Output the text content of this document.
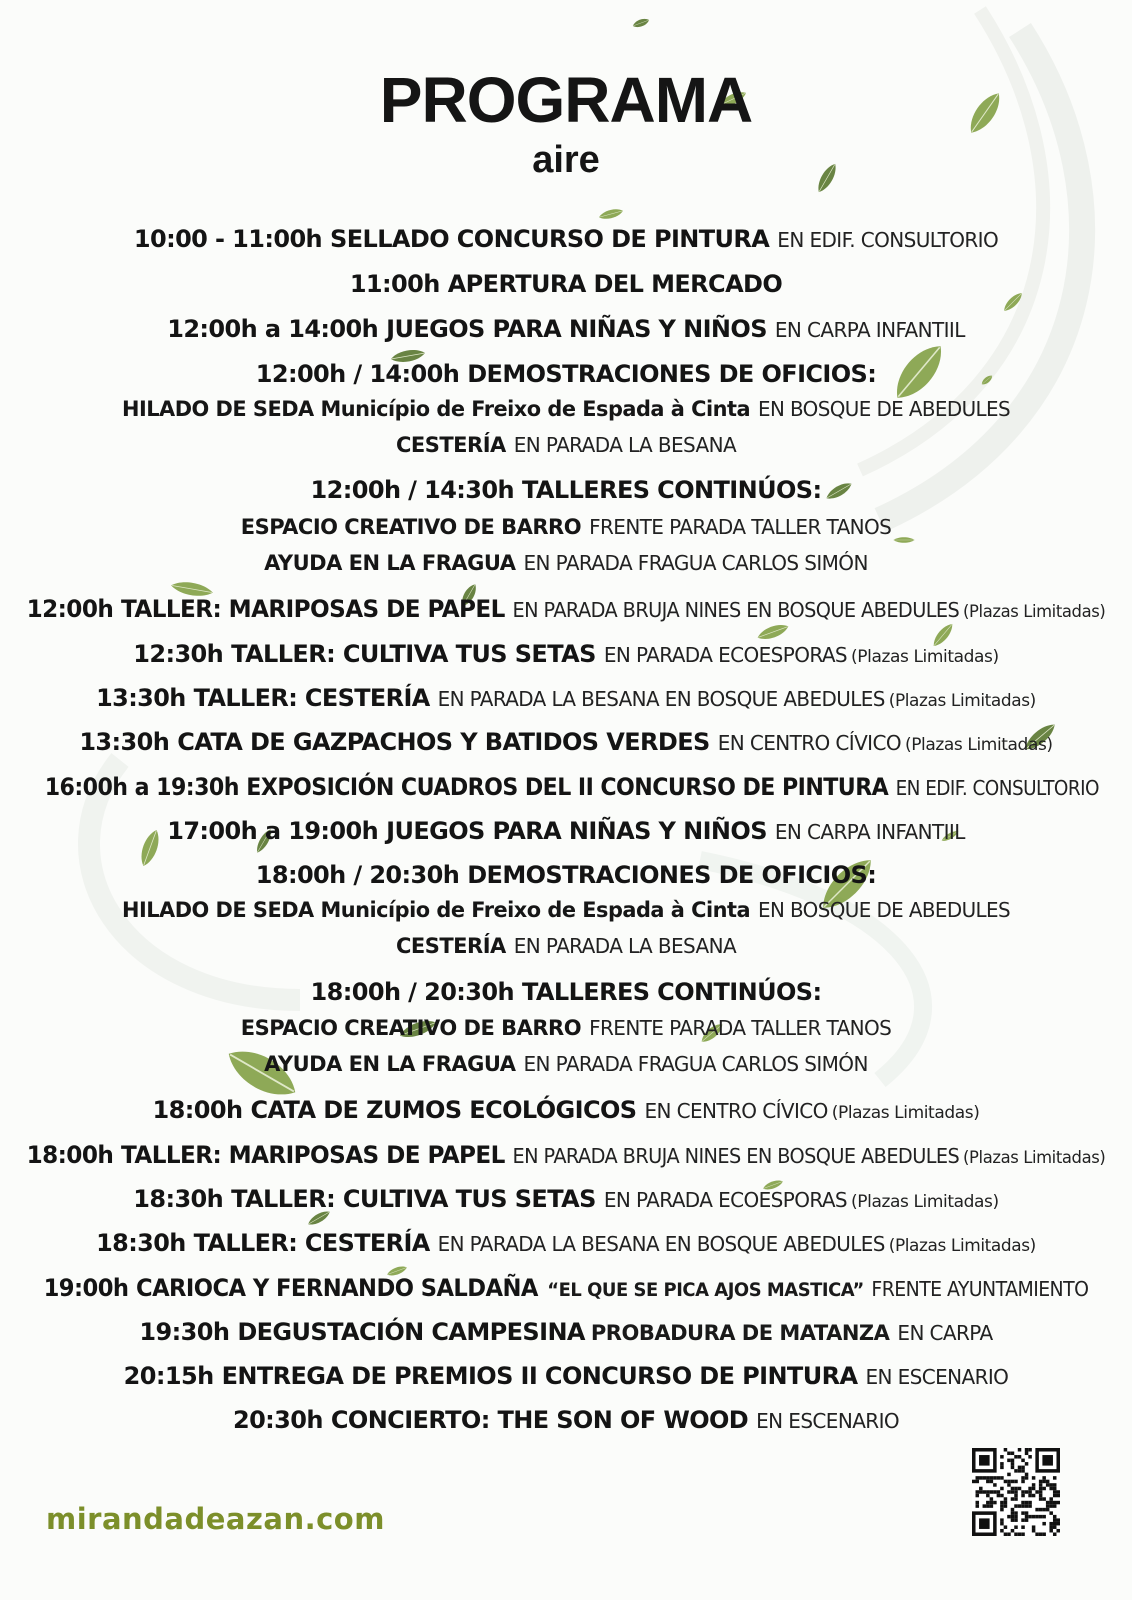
PROGRAMA
aire
10:00 - 11:00h SELLADO CONCURSO DE PINTURA EN EDIF. CONSULTORIO
11:00h APERTURA DEL MERCADO
12:00h a 14:00h JUEGOS PARA NIÑAS Y NIÑOS EN CARPA INFANTIIL
12:00h / 14:00h DEMOSTRACIONES DE OFICIOS:
HILADO DE SEDA Município de Freixo de Espada à Cinta EN BOSQUE DE ABEDULES
CESTERÍA EN PARADA LA BESANA
12:00h / 14:30h TALLERES CONTINÚOS:
ESPACIO CREATIVO DE BARRO FRENTE PARADA TALLER TANOS
AYUDA EN LA FRAGUA EN PARADA FRAGUA CARLOS SIMÓN
12:00h TALLER: MARIPOSAS DE PAPEL EN PARADA BRUJA NINES EN BOSQUE ABEDULES (Plazas Limitadas)
12:30h TALLER: CULTIVA TUS SETAS EN PARADA ECOESPORAS (Plazas Limitadas)
13:30h TALLER: CESTERÍA EN PARADA LA BESANA EN BOSQUE ABEDULES (Plazas Limitadas)
13:30h CATA DE GAZPACHOS Y BATIDOS VERDES EN CENTRO CÍVICO (Plazas Limitadas)
16:00h a 19:30h EXPOSICIÓN CUADROS DEL II CONCURSO DE PINTURA EN EDIF. CONSULTORIO
17:00h a 19:00h JUEGOS PARA NIÑAS Y NIÑOS EN CARPA INFANTIIL
18:00h / 20:30h DEMOSTRACIONES DE OFICIOS:
HILADO DE SEDA Município de Freixo de Espada à Cinta EN BOSQUE DE ABEDULES
CESTERÍA EN PARADA LA BESANA
18:00h / 20:30h TALLERES CONTINÚOS:
ESPACIO CREATIVO DE BARRO FRENTE PARADA TALLER TANOS
AYUDA EN LA FRAGUA EN PARADA FRAGUA CARLOS SIMÓN
18:00h CATA DE ZUMOS ECOLÓGICOS EN CENTRO CÍVICO (Plazas Limitadas)
18:00h TALLER: MARIPOSAS DE PAPEL EN PARADA BRUJA NINES EN BOSQUE ABEDULES (Plazas Limitadas)
18:30h TALLER: CULTIVA TUS SETAS EN PARADA ECOESPORAS (Plazas Limitadas)
18:30h TALLER: CESTERÍA EN PARADA LA BESANA EN BOSQUE ABEDULES (Plazas Limitadas)
19:00h CARIOCA Y FERNANDO SALDAÑA “EL QUE SE PICA AJOS MASTICA” FRENTE AYUNTAMIENTO
19:30h DEGUSTACIÓN CAMPESINA PROBADURA DE MATANZA EN CARPA
20:15h ENTREGA DE PREMIOS II CONCURSO DE PINTURA EN ESCENARIO
20:30h CONCIERTO: THE SON OF WOOD EN ESCENARIO
mirandadeazan.com
